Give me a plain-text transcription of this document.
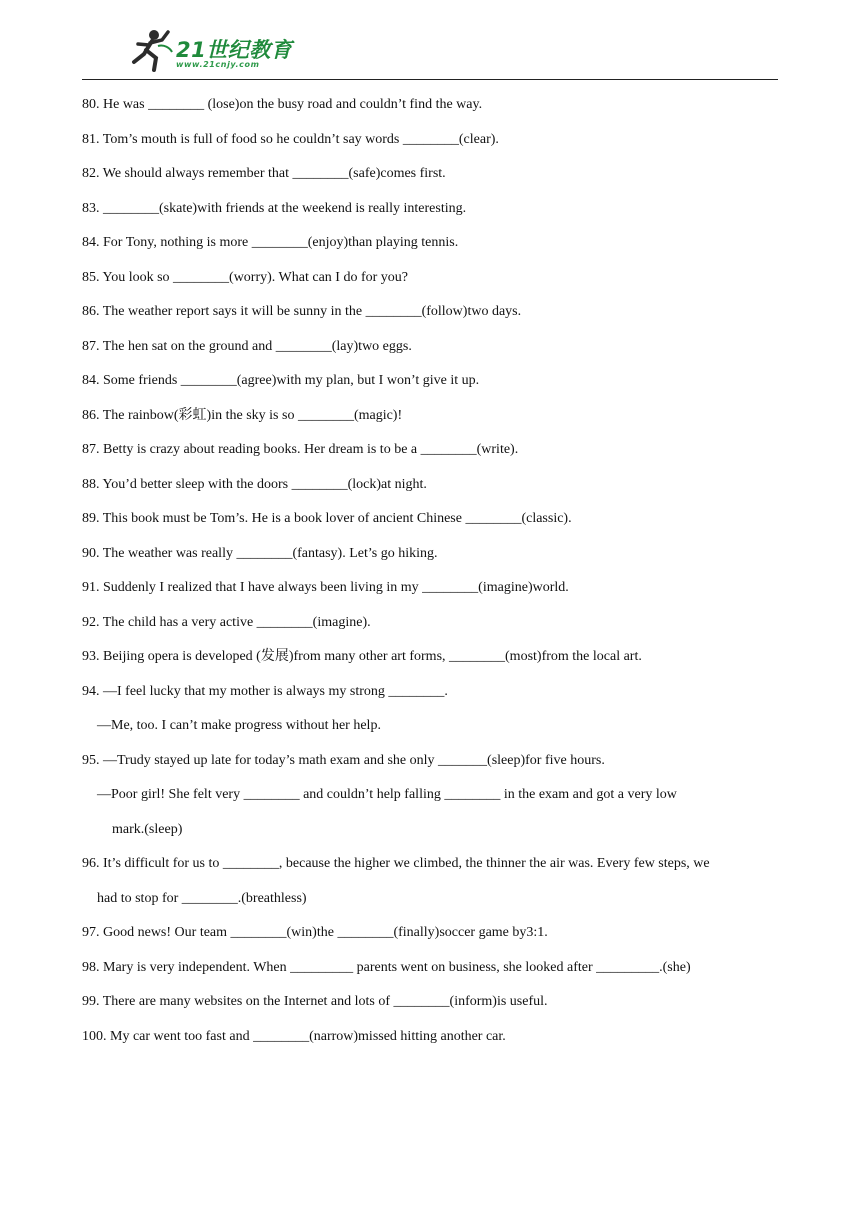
21世纪教育
www.21cnjy.com
80. He was ________ (lose)on the busy road and couldn’t find the way.
81. Tom’s mouth is full of food so he couldn’t say words ________(clear).
82. We should always remember that ________(safe)comes first.
83. ________(skate)with friends at the weekend is really interesting.
84. For Tony, nothing is more ________(enjoy)than playing tennis.
85. You look so ________(worry). What can I do for you?
86. The weather report says it will be sunny in the ________(follow)two days.
87. The hen sat on the ground and ________(lay)two eggs.
84. Some friends ________(agree)with my plan, but I won’t give it up.
86. The rainbow(彩虹)in the sky is so ________(magic)!
87. Betty is crazy about reading books. Her dream is to be a ________(write).
88. You’d better sleep with the doors ________(lock)at night.
89. This book must be Tom’s. He is a book lover of ancient Chinese ________(classic).
90. The weather was really ________(fantasy). Let’s go hiking.
91. Suddenly I realized that I have always been living in my ________(imagine)world.
92. The child has a very active ________(imagine).
93. Beijing opera is developed (发展)from many other art forms, ________(most)from the local art.
94. —I feel lucky that my mother is always my strong ________.
—Me, too. I can’t make progress without her help.
95. —Trudy stayed up late for today’s math exam and she only _______(sleep)for five hours.
—Poor girl! She felt very ________ and couldn’t help falling ________ in the exam and got a very low
mark.(sleep)
96. It’s difficult for us to ________, because the higher we climbed, the thinner the air was. Every few steps, we
had to stop for ________.(breathless)
97. Good news! Our team ________(win)the ________(finally)soccer game by3:1.
98. Mary is very independent. When _________ parents went on business, she looked after _________.(she)
99. There are many websites on the Internet and lots of ________(inform)is useful.
100. My car went too fast and ________(narrow)missed hitting another car.
